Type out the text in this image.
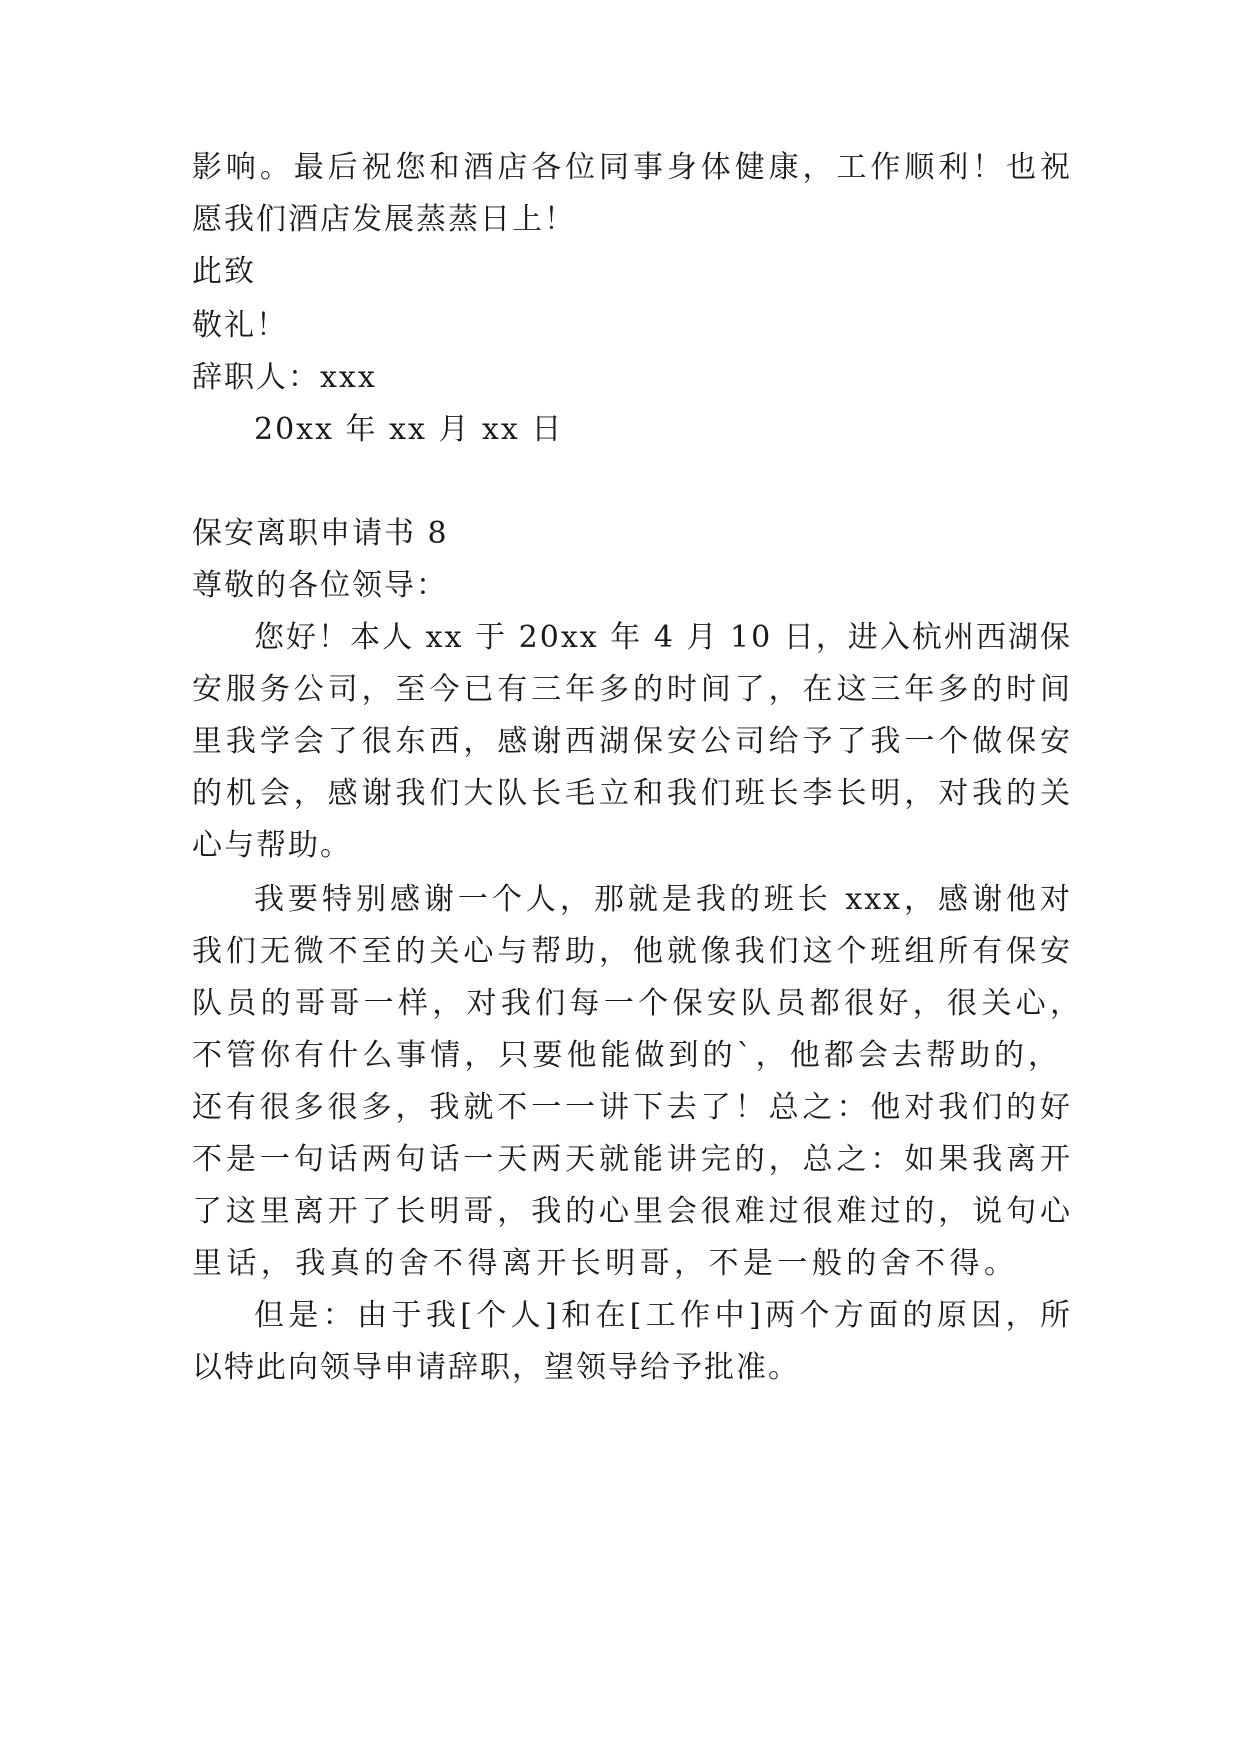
影响。最后祝您和酒店各位同事身体健康，工作顺利！也祝
愿我们酒店发展蒸蒸日上！
此致
敬礼！
辞职人：xxx
20xx 年 xx 月 xx 日
保安离职申请书 8
尊敬的各位领导：
您好！本人 xx 于 20xx 年 4 月 10 日，进入杭州西湖保
安服务公司，至今已有三年多的时间了，在这三年多的时间
里我学会了很东西，感谢西湖保安公司给予了我一个做保安
的机会，感谢我们大队长毛立和我们班长李长明，对我的关
心与帮助。
我要特别感谢一个人，那就是我的班长 xxx，感谢他对
我们无微不至的关心与帮助，他就像我们这个班组所有保安
队员的哥哥一样，对我们每一个保安队员都很好，很关心，
不管你有什么事情，只要他能做到的`，他都会去帮助的，
还有很多很多，我就不一一讲下去了！总之：他对我们的好
不是一句话两句话一天两天就能讲完的，总之：如果我离开
了这里离开了长明哥，我的心里会很难过很难过的，说句心
里话，我真的舍不得离开长明哥，不是一般的舍不得。
但是：由于我[个人]和在[工作中]两个方面的原因，所
以特此向领导申请辞职，望领导给予批准。
